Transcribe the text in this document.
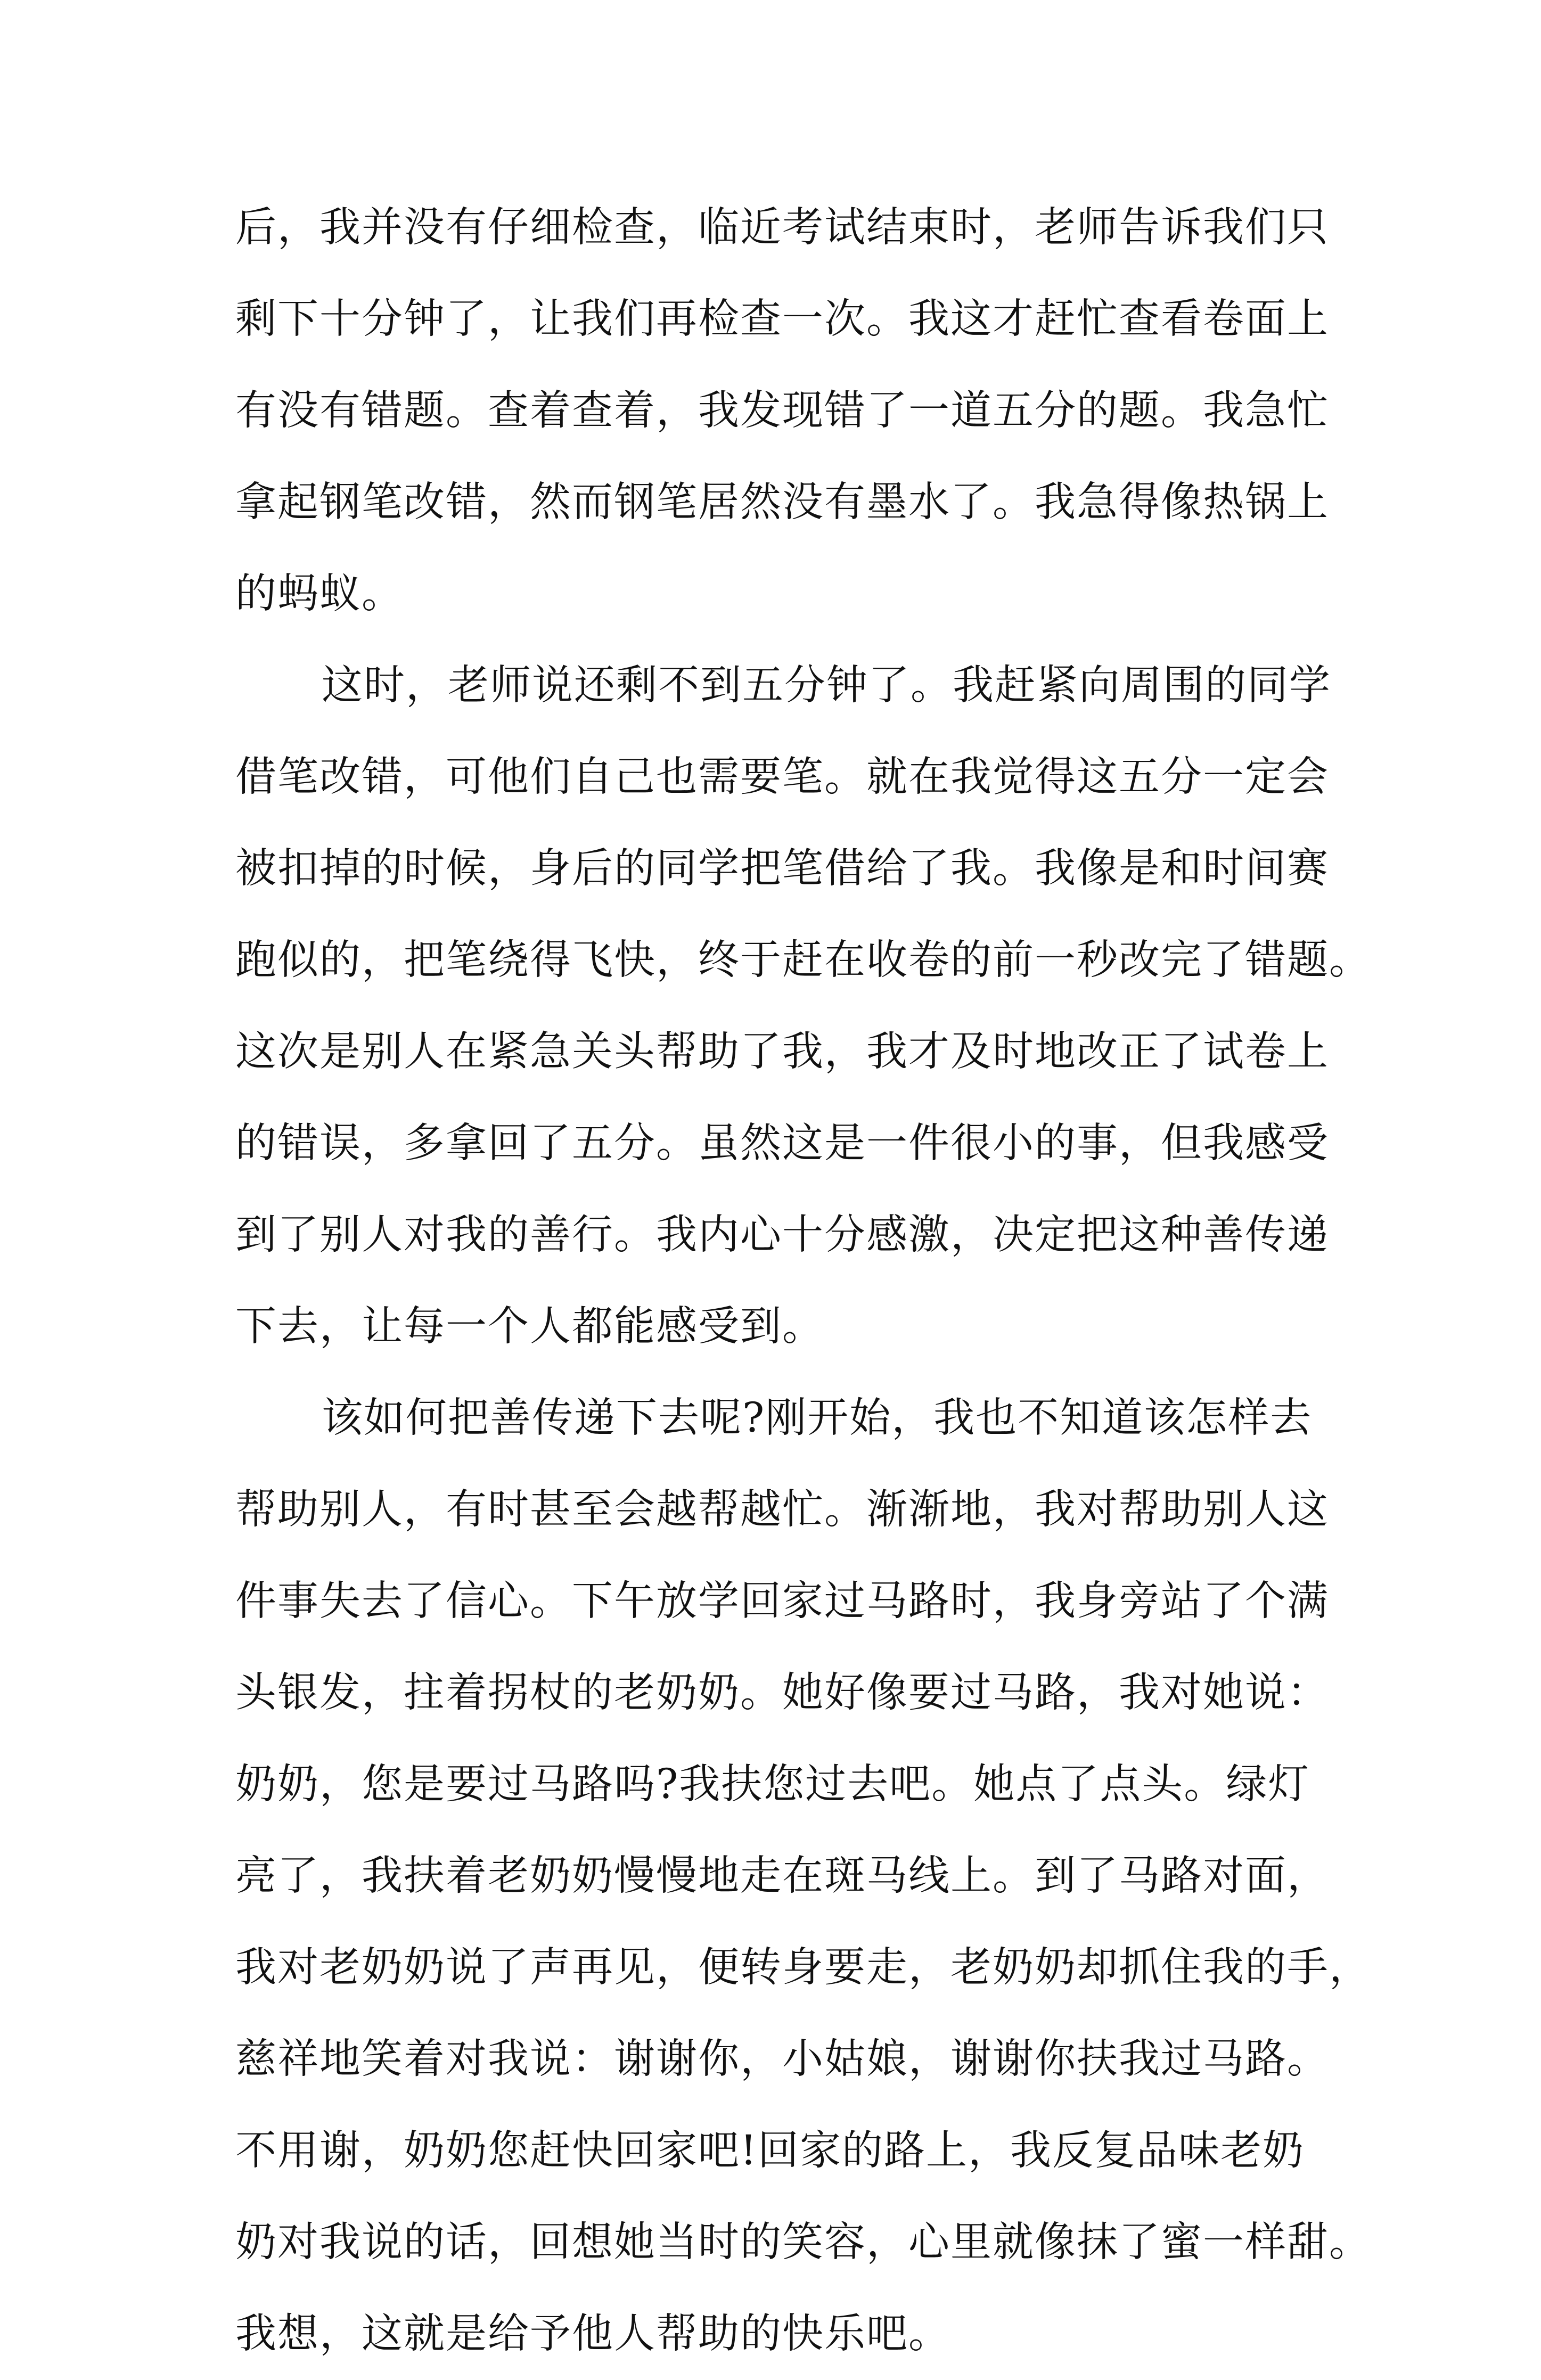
后，我并没有仔细检查，临近考试结束时，老师告诉我们只
剩下十分钟了，让我们再检查一次。我这才赶忙查看卷面上
有没有错题。查着查着，我发现错了一道五分的题。我急忙
拿起钢笔改错，然而钢笔居然没有墨水了。我急得像热锅上
的蚂蚁。

这时，老师说还剩不到五分钟了。我赶紧向周围的同学
借笔改错，可他们自己也需要笔。就在我觉得这五分一定会
被扣掉的时候，身后的同学把笔借给了我。我像是和时间赛
跑似的，把笔绕得飞快，终于赶在收卷的前一秒改完了错题。
这次是别人在紧急关头帮助了我，我才及时地改正了试卷上
的错误，多拿回了五分。虽然这是一件很小的事，但我感受
到了别人对我的善行。我内心十分感激，决定把这种善传递
下去，让每一个人都能感受到。

该如何把善传递下去呢?刚开始，我也不知道该怎样去
帮助别人，有时甚至会越帮越忙。渐渐地，我对帮助别人这
件事失去了信心。下午放学回家过马路时，我身旁站了个满
头银发，拄着拐杖的老奶奶。她好像要过马路，我对她说：
奶奶，您是要过马路吗?我扶您过去吧。她点了点头。绿灯
亮了，我扶着老奶奶慢慢地走在斑马线上。到了马路对面，
我对老奶奶说了声再见，便转身要走，老奶奶却抓住我的手，
慈祥地笑着对我说：谢谢你，小姑娘，谢谢你扶我过马路。
不用谢，奶奶您赶快回家吧!回家的路上，我反复品味老奶
奶对我说的话，回想她当时的笑容，心里就像抹了蜜一样甜。
我想，这就是给予他人帮助的快乐吧。
